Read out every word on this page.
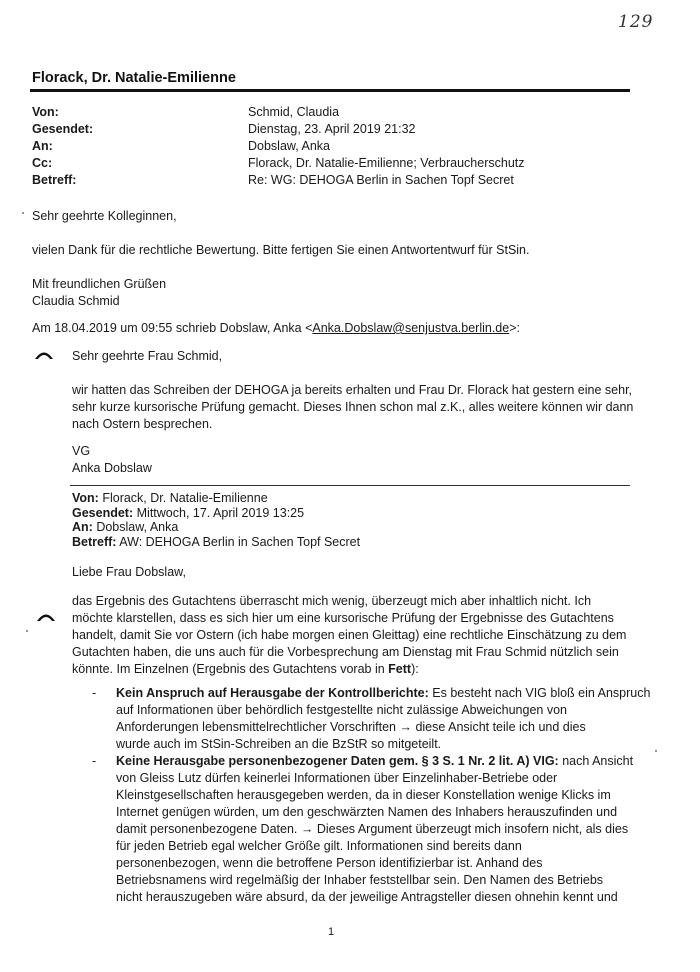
129
Florack, Dr. Natalie-Emilienne
Von:	Schmid, Claudia
Gesendet:	Dienstag, 23. April 2019 21:32
An:	Dobslaw, Anka
Cc:	Florack, Dr. Natalie-Emilienne; Verbraucherschutz
Betreff:	Re: WG: DEHOGA Berlin in Sachen Topf Secret
Sehr geehrte Kolleginnen,
vielen Dank für die rechtliche Bewertung. Bitte fertigen Sie einen Antwortentwurf für StSin.
Mit freundlichen Grüßen
Claudia Schmid
Am 18.04.2019 um 09:55 schrieb Dobslaw, Anka <Anka.Dobslaw@senjustva.berlin.de>:
Sehr geehrte Frau Schmid,
wir hatten das Schreiben der DEHOGA ja bereits erhalten und Frau Dr. Florack hat gestern eine sehr,
sehr kurze kursorische Prüfung gemacht. Dieses Ihnen schon mal z.K., alles weitere können wir dann
nach Ostern besprechen.
VG
Anka Dobslaw
Von: Florack, Dr. Natalie-Emilienne
Gesendet: Mittwoch, 17. April 2019 13:25
An: Dobslaw, Anka
Betreff: AW: DEHOGA Berlin in Sachen Topf Secret
Liebe Frau Dobslaw,
das Ergebnis des Gutachtens überrascht mich wenig, überzeugt mich aber inhaltlich nicht. Ich
möchte klarstellen, dass es sich hier um eine kursorische Prüfung der Ergebnisse des Gutachtens
handelt, damit Sie vor Ostern (ich habe morgen einen Gleittag) eine rechtliche Einschätzung zu dem
Gutachten haben, die uns auch für die Vorbesprechung am Dienstag mit Frau Schmid nützlich sein
könnte. Im Einzelnen (Ergebnis des Gutachtens vorab in Fett):
- Kein Anspruch auf Herausgabe der Kontrollberichte: Es besteht nach VIG bloß ein Anspruch
auf Informationen über behördlich festgestellte nicht zulässige Abweichungen von
Anforderungen lebensmittelrechtlicher Vorschriften → diese Ansicht teile ich und dies
wurde auch im StSin-Schreiben an die BzStR so mitgeteilt.
- Keine Herausgabe personenbezogener Daten gem. § 3 S. 1 Nr. 2 lit. A) VIG: nach Ansicht
von Gleiss Lutz dürfen keinerlei Informationen über Einzelinhaber-Betriebe oder
Kleinstgesellschaften herausgegeben werden, da in dieser Konstellation wenige Klicks im
Internet genügen würden, um den geschwärzten Namen des Inhabers herauszufinden und
damit personenbezogene Daten. → Dieses Argument überzeugt mich insofern nicht, als dies
für jeden Betrieb egal welcher Größe gilt. Informationen sind bereits dann
personenbezogen, wenn die betroffene Person identifizierbar ist. Anhand des
Betriebsnamens wird regelmäßig der Inhaber feststellbar sein. Den Namen des Betriebs
nicht herauszugeben wäre absurd, da der jeweilige Antragsteller diesen ohnehin kennt und
1
